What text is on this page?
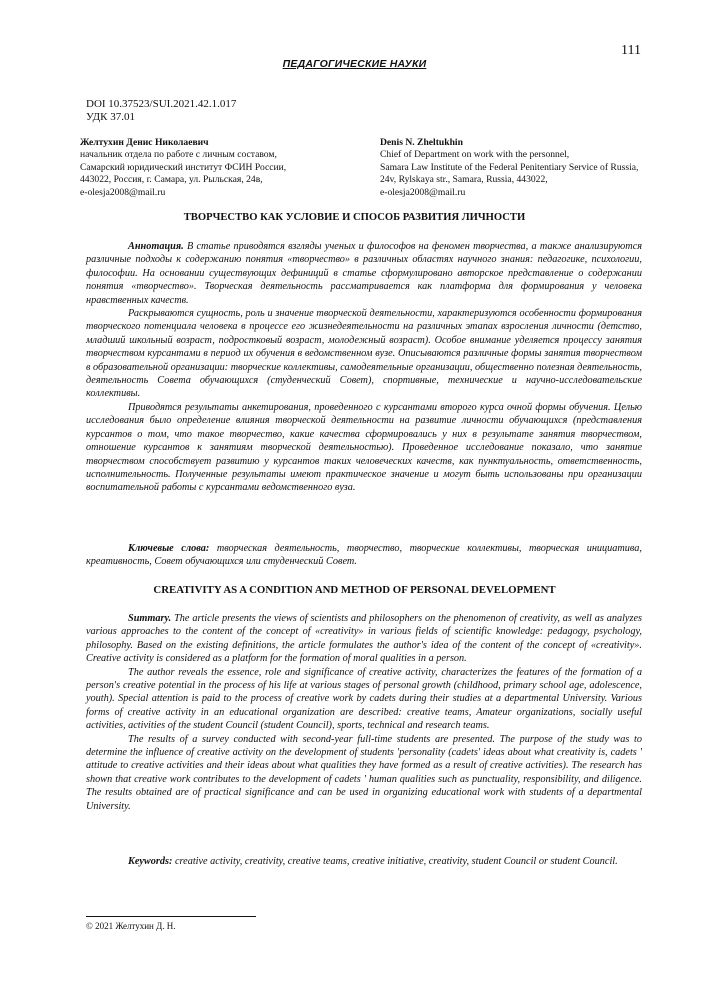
111
ПЕДАГОГИЧЕСКИЕ НАУКИ
DOI 10.37523/SUI.2021.42.1.017
УДК 37.01
Желтухин Денис Николаевич
начальник отдела по работе с личным составом,
Самарский юридический институт ФСИН России,
443022, Россия, г. Самара, ул. Рыльская, 24в,
e-olesja2008@mail.ru
Denis N. Zheltukhin
Chief of Department on work with the personnel,
Samara Law Institute of the Federal Penitentiary Service of Russia,
24v, Rylskaya str., Samara, Russia, 443022,
e-olesja2008@mail.ru
ТВОРЧЕСТВО КАК УСЛОВИЕ И СПОСОБ РАЗВИТИЯ ЛИЧНОСТИ

Аннотация. В статье приводятся взгляды ученых и философов на феномен творчества, а также анализируются различные подходы к содержанию понятия «творчество» в различных областях научного знания: педагогике, психологии, философии. На основании существующих дефиниций в статье сформулировано авторское представление о содержании понятия «творчество». Творческая деятельность рассматривается как платформа для формирования у человека нравственных качеств.

Раскрываются сущность, роль и значение творческой деятельности, характеризуются особенности формирования творческого потенциала человека в процессе его жизнедеятельности на различных этапах взросления личности (детство, младший школьный возраст, подростковый возраст, молодежный возраст). Особое внимание уделяется процессу занятия творчеством курсантами в период их обучения в ведомственном вузе. Описываются различные формы занятия творчеством в образовательной организации: творческие коллективы, самодеятельные организации, общественно полезная деятельность, деятельность Совета обучающихся (студенческий Совет), спортивные, технические и научно-исследовательские коллективы.

Приводятся результаты анкетирования, проведенного с курсантами второго курса очной формы обучения. Целью исследования было определение влияния творческой деятельности на развитие личности обучающихся (представления курсантов о том, что такое творчество, какие качества сформировались у них в результате занятия творчеством, отношение курсантов к занятиям творческой деятельностью). Проведенное исследование показало, что занятие творчеством способствует развитию у курсантов таких человеческих качеств, как пунктуальность, ответственность, исполнительность. Полученные результаты имеют практическое значение и могут быть использованы при организации воспитательной работы с курсантами ведомственного вуза.

Ключевые слова: творческая деятельность, творчество, творческие коллективы, творческая инициатива, креативность, Совет обучающихся или студенческий Совет.

CREATIVITY AS A CONDITION AND METHOD OF PERSONAL DEVELOPMENT

Summary. The article presents the views of scientists and philosophers on the phenomenon of creativity, as well as analyzes various approaches to the content of the concept of «creativity» in various fields of scientific knowledge: pedagogy, psychology, philosophy. Based on the existing definitions, the article formulates the author's idea of the content of the concept of «creativity». Creative activity is considered as a platform for the formation of moral qualities in a person.

The author reveals the essence, role and significance of creative activity, characterizes the features of the formation of a person's creative potential in the process of his life at various stages of personal growth (childhood, primary school age, adolescence, youth). Special attention is paid to the process of creative work by cadets during their studies at a departmental University. Various forms of creative activity in an educational organization are described: creative teams, Amateur organizations, socially useful activities, activities of the student Council (student Council), sports, technical and research teams.

The results of a survey conducted with second-year full-time students are presented. The purpose of the study was to determine the influence of creative activity on the development of students 'personality (cadets' ideas about what creativity is, cadets ' attitude to creative activities and their ideas about what qualities they have formed as a result of creative activities). The research has shown that creative work contributes to the development of cadets ' human qualities such as punctuality, responsibility, and diligence. The results obtained are of practical significance and can be used in organizing educational work with students of a departmental University.

Keywords: creative activity, creativity, creative teams, creative initiative, creativity, student Council or student Council.

© 2021 Желтухин Д. Н.
